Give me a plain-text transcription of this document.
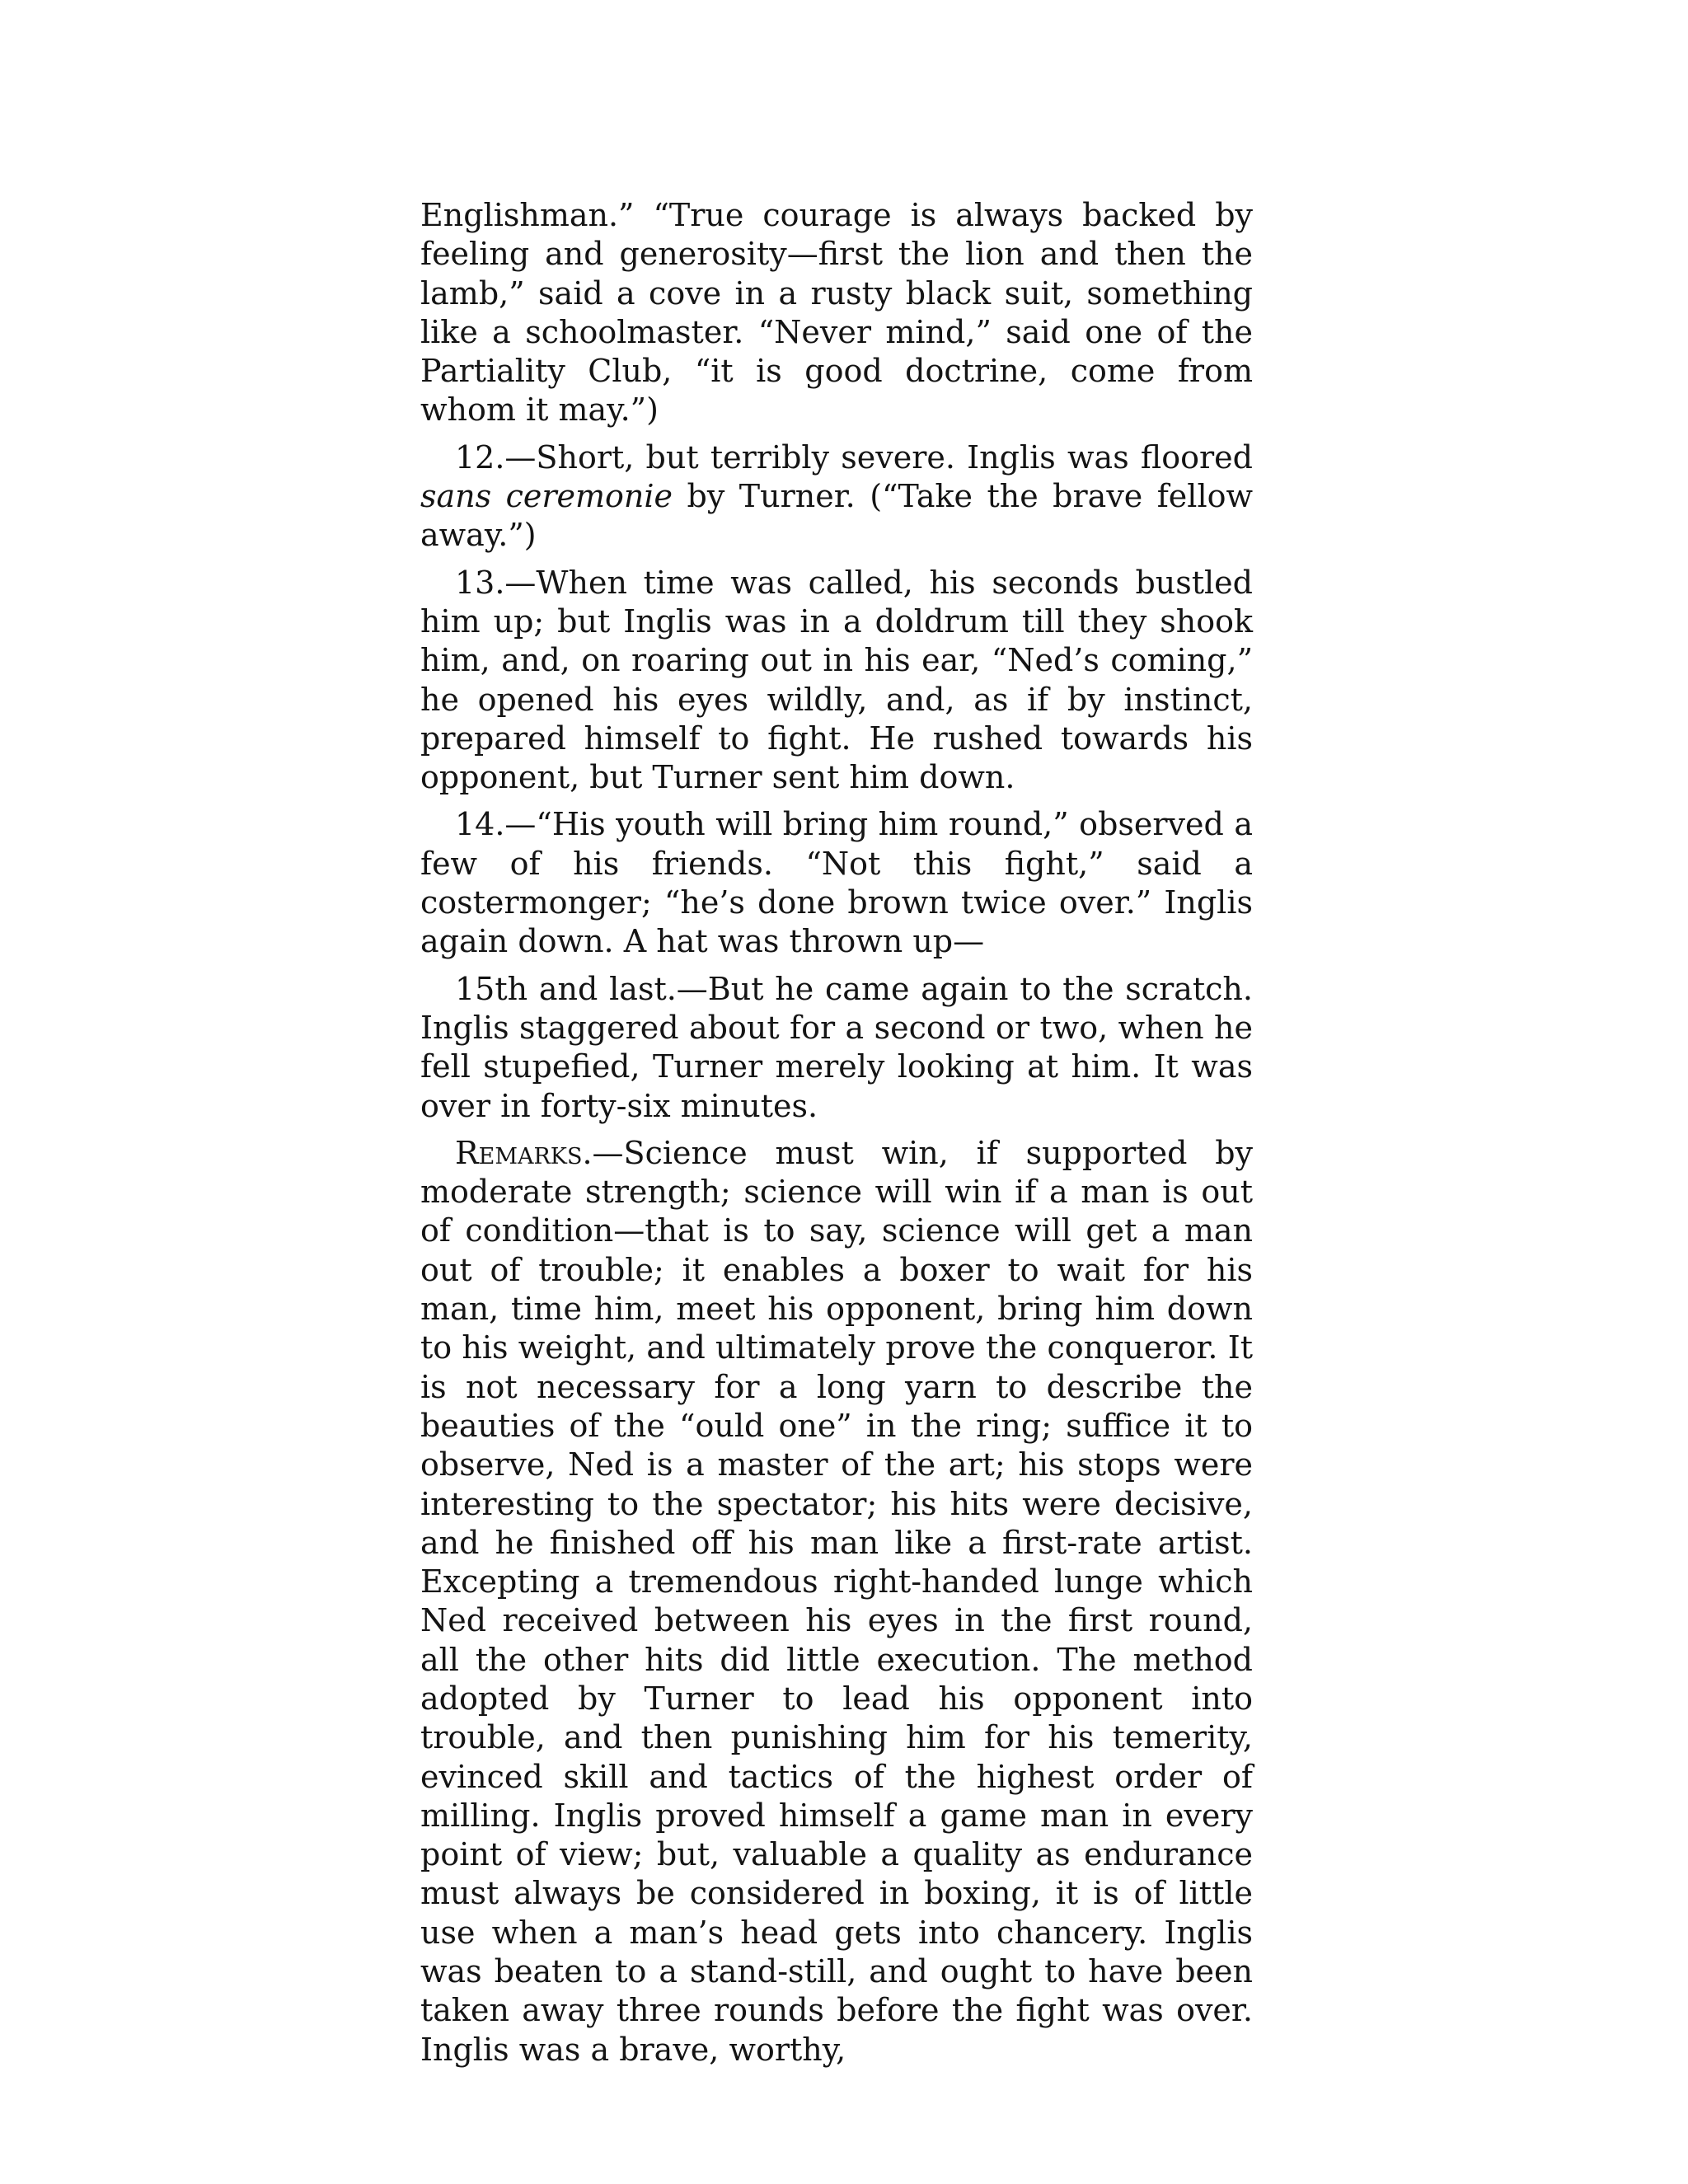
Englishman.” “True courage is always backed by feeling and generosity—first the lion and then the lamb,” said a cove in a rusty black suit, something like a schoolmaster. “Never mind,” said one of the Partiality Club, “it is good doctrine, come from whom it may.”)

12.—Short, but terribly severe. Inglis was floored sans ceremonie by Turner. (“Take the brave fellow away.”)

13.—When time was called, his seconds bustled him up; but Inglis was in a doldrum till they shook him, and, on roaring out in his ear, “Ned’s coming,” he opened his eyes wildly, and, as if by instinct, prepared himself to fight. He rushed towards his opponent, but Turner sent him down.

14.—“His youth will bring him round,” observed a few of his friends. “Not this fight,” said a costermonger; “he’s done brown twice over.” Inglis again down. A hat was thrown up—

15th and last.—But he came again to the scratch. Inglis staggered about for a second or two, when he fell stupefied, Turner merely looking at him. It was over in forty-six minutes.

Remarks.—Science must win, if supported by moderate strength; science will win if a man is out of condition—that is to say, science will get a man out of trouble; it enables a boxer to wait for his man, time him, meet his opponent, bring him down to his weight, and ultimately prove the conqueror. It is not necessary for a long yarn to describe the beauties of the “ould one” in the ring; suffice it to observe, Ned is a master of the art; his stops were interesting to the spectator; his hits were decisive, and he finished off his man like a first-rate artist. Excepting a tremendous right-handed lunge which Ned received between his eyes in the first round, all the other hits did little execution. The method adopted by Turner to lead his opponent into trouble, and then punishing him for his temerity, evinced skill and tactics of the highest order of milling. Inglis proved himself a game man in every point of view; but, valuable a quality as endurance must always be considered in boxing, it is of little use when a man’s head gets into chancery. Inglis was beaten to a stand-still, and ought to have been taken away three rounds before the fight was over. Inglis was a brave, worthy,
